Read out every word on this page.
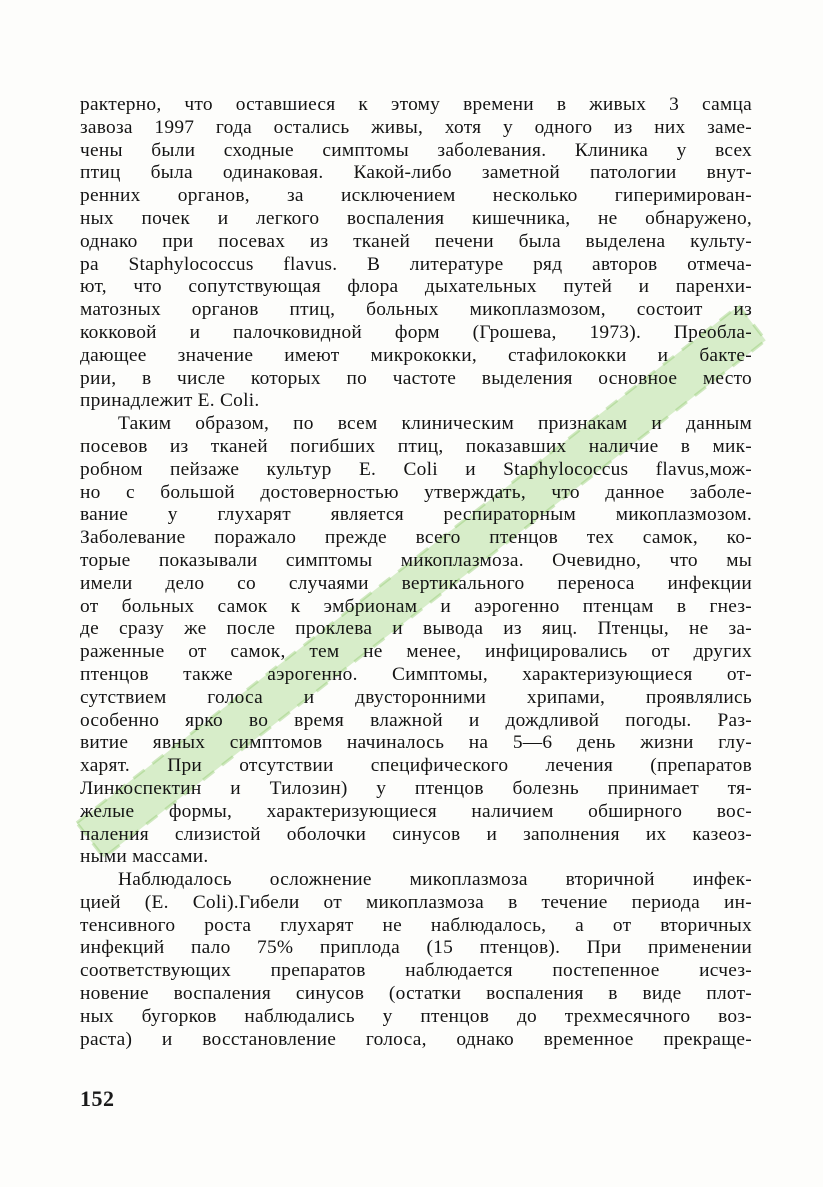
рактерно, что оставшиеся к этому времени в живых 3 самца
завоза 1997 года остались живы, хотя у одного из них заме-
чены были сходные симптомы заболевания. Клиника у всех
птиц была одинаковая. Какой-либо заметной патологии внут-
ренних органов, за исключением несколько гиперимирован-
ных почек и легкого воспаления кишечника, не обнаружено,
однако при посевах из тканей печени была выделена культу-
ра Staphylococcus flavus. В литературе ряд авторов отмеча-
ют, что сопутствующая флора дыхательных путей и паренхи-
матозных органов птиц, больных микоплазмозом, состоит из
кокковой и палочковидной форм (Грошева, 1973). Преобла-
дающее значение имеют микрококки, стафилококки и бакте-
рии, в числе которых по частоте выделения основное место
принадлежит E. Coli.
Таким образом, по всем клиническим признакам и данным
посевов из тканей погибших птиц, показавших наличие в мик-
робном пейзаже культур E. Coli и Staphylococcus flavus,мож-
но с большой достоверностью утверждать, что данное заболе-
вание у глухарят является респираторным микоплазмозом.
Заболевание поражало прежде всего птенцов тех самок, ко-
торые показывали симптомы микоплазмоза. Очевидно, что мы
имели дело со случаями вертикального переноса инфекции
от больных самок к эмбрионам и аэрогенно птенцам в гнез-
де сразу же после проклева и вывода из яиц. Птенцы, не за-
раженные от самок, тем не менее, инфицировались от других
птенцов также аэрогенно. Симптомы, характеризующиеся от-
сутствием голоса и двусторонними хрипами, проявлялись
особенно ярко во время влажной и дождливой погоды. Раз-
витие явных симптомов начиналось на 5—6 день жизни глу-
харят. При отсутствии специфического лечения (препаратов
Линкоспектин и Тилозин) у птенцов болезнь принимает тя-
желые формы, характеризующиеся наличием обширного вос-
паления слизистой оболочки синусов и заполнения их казеоз-
ными массами.
Наблюдалось осложнение микоплазмоза вторичной инфек-
цией (E. Coli).Гибели от микоплазмоза в течение периода ин-
тенсивного роста глухарят не наблюдалось, а от вторичных
инфекций пало 75% приплода (15 птенцов). При применении
соответствующих препаратов наблюдается постепенное исчез-
новение воспаления синусов (остатки воспаления в виде плот-
ных бугорков наблюдались у птенцов до трехмесячного воз-
раста) и восстановление голоса, однако временное прекраще-
152
